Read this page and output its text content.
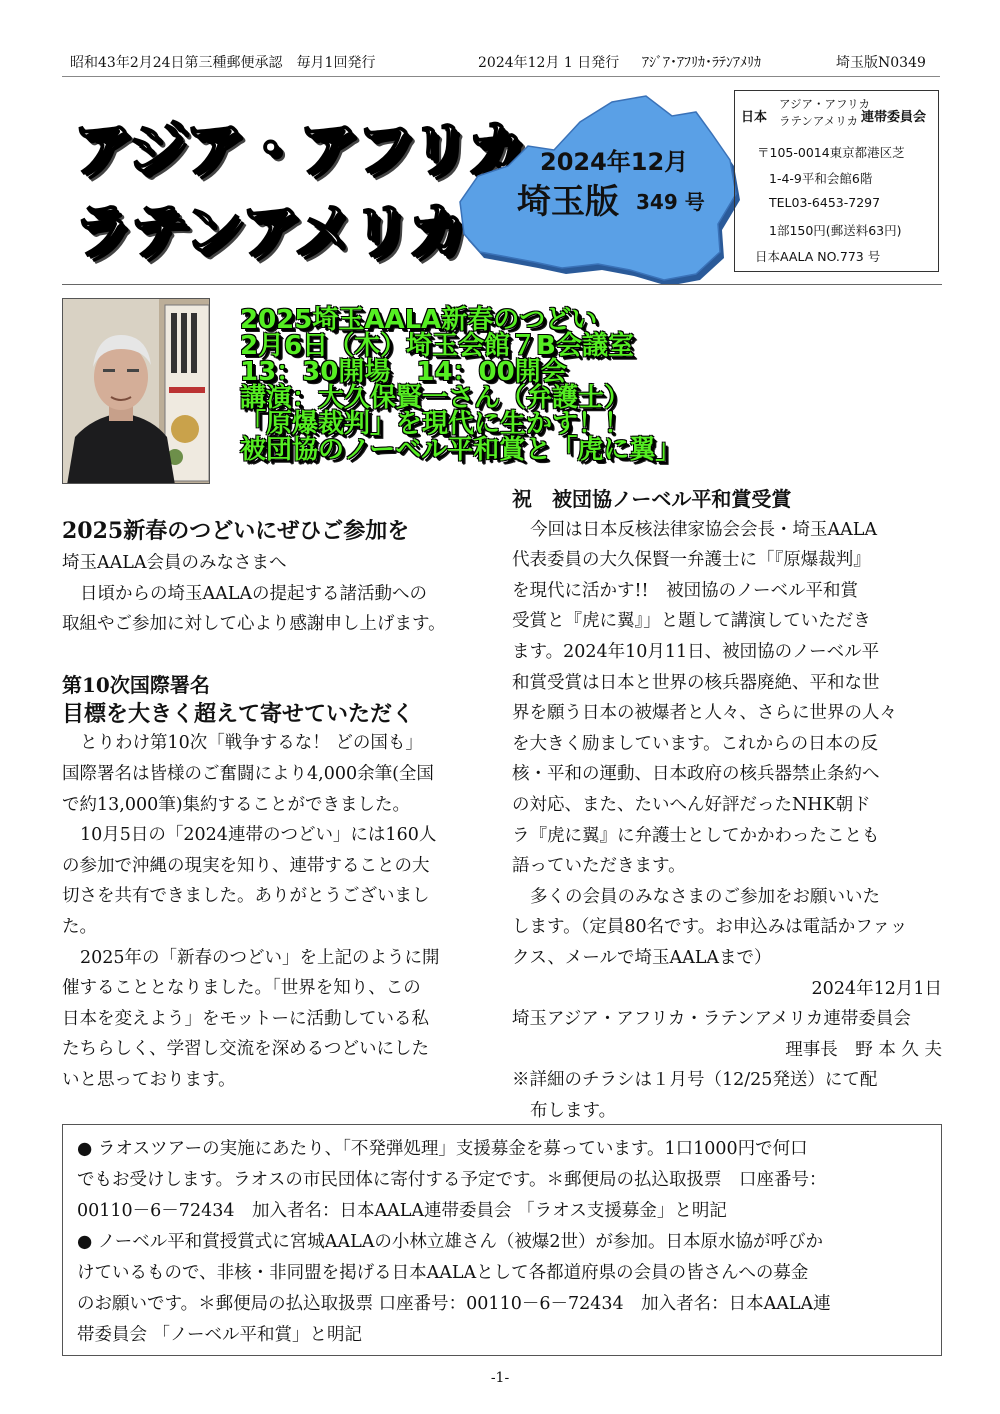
昭和43年2月24日第三種郵便承認　毎月1回発行	2024年12月 1 日発行 ｱｼﾞｱ･ｱﾌﾘｶ･ﾗﾃﾝｱﾒﾘｶ	埼玉版N0349
アジア・アフリカ
ラテンアメリカ
2024年12月
埼玉版 349 号
日本
アジア・アフリカ
ラテンアメリカ 連帯委員会
〒105-0014東京都港区芝
1-4-9平和会館6階
TEL03-6453-7297
1部150円(郵送料63円)
日本AALA NO.773 号
2025埼玉AALA新春のつどい
2月6日（木）埼玉会館７B会議室
13：30開場　14：00開会
講演：大久保賢一さん（弁護士）
「原爆裁判」を現代に生かす！！
被団協のノーベル平和賞と「虎に翼」

2025新春のつどいにぜひご参加を

埼玉AALA会員のみなさまへ

日頃からの埼玉AALAの提起する諸活動への

取組やご参加に対して心より感謝申し上げます。

第10次国際署名

目標を大きく超えて寄せていただく

とりわけ第10次「戦争するな！ どの国も」

国際署名は皆様のご奮闘により4,000余筆(全国

で約13,000筆)集約することができました。

10月5日の「2024連帯のつどい」には160人

の参加で沖縄の現実を知り、連帯することの大

切さを共有できました。ありがとうございまし

た。

2025年の「新春のつどい」を上記のように開

催することとなりました。「世界を知り、この

日本を変えよう」をモットーに活動している私

たちらしく、学習し交流を深めるつどいにした

いと思っております。

祝　被団協ノーベル平和賞受賞

今回は日本反核法律家協会会長・埼玉AALA

代表委員の大久保賢一弁護士に「『原爆裁判』

を現代に活かす!!　被団協のノーベル平和賞

受賞と『虎に翼』」と題して講演していただき

ます。2024年10月11日、被団協のノーベル平

和賞受賞は日本と世界の核兵器廃絶、平和な世

界を願う日本の被爆者と人々、さらに世界の人々

を大きく励ましています。これからの日本の反

核・平和の運動、日本政府の核兵器禁止条約へ

の対応、また、たいへん好評だったNHK朝ド

ラ『虎に翼』に弁護士としてかかわったことも

語っていただきます。

多くの会員のみなさまのご参加をお願いいた

します。（定員80名です。お申込みは電話かファッ

クス、メールで埼玉AALAまで）

2024年12月1日

埼玉アジア・アフリカ・ラテンアメリカ連帯委員会

理事長　野 本 久 夫

※詳細のチラシは１月号（12/25発送）にて配

布します。

● ラオスツアーの実施にあたり、「不発弾処理」支援募金を募っています。1口1000円で何口

でもお受けします。ラオスの市民団体に寄付する予定です。＊郵便局の払込取扱票　口座番号：

00110－6－72434　加入者名：日本AALA連帯委員会 「ラオス支援募金」と明記

● ノーベル平和賞授賞式に宮城AALAの小林立雄さん（被爆2世）が参加。日本原水協が呼びか

けているもので、非核・非同盟を掲げる日本AALAとして各都道府県の会員の皆さんへの募金

のお願いです。＊郵便局の払込取扱票 口座番号：00110－6－72434　加入者名：日本AALA連

帯委員会 「ノーベル平和賞」と明記

-1-
